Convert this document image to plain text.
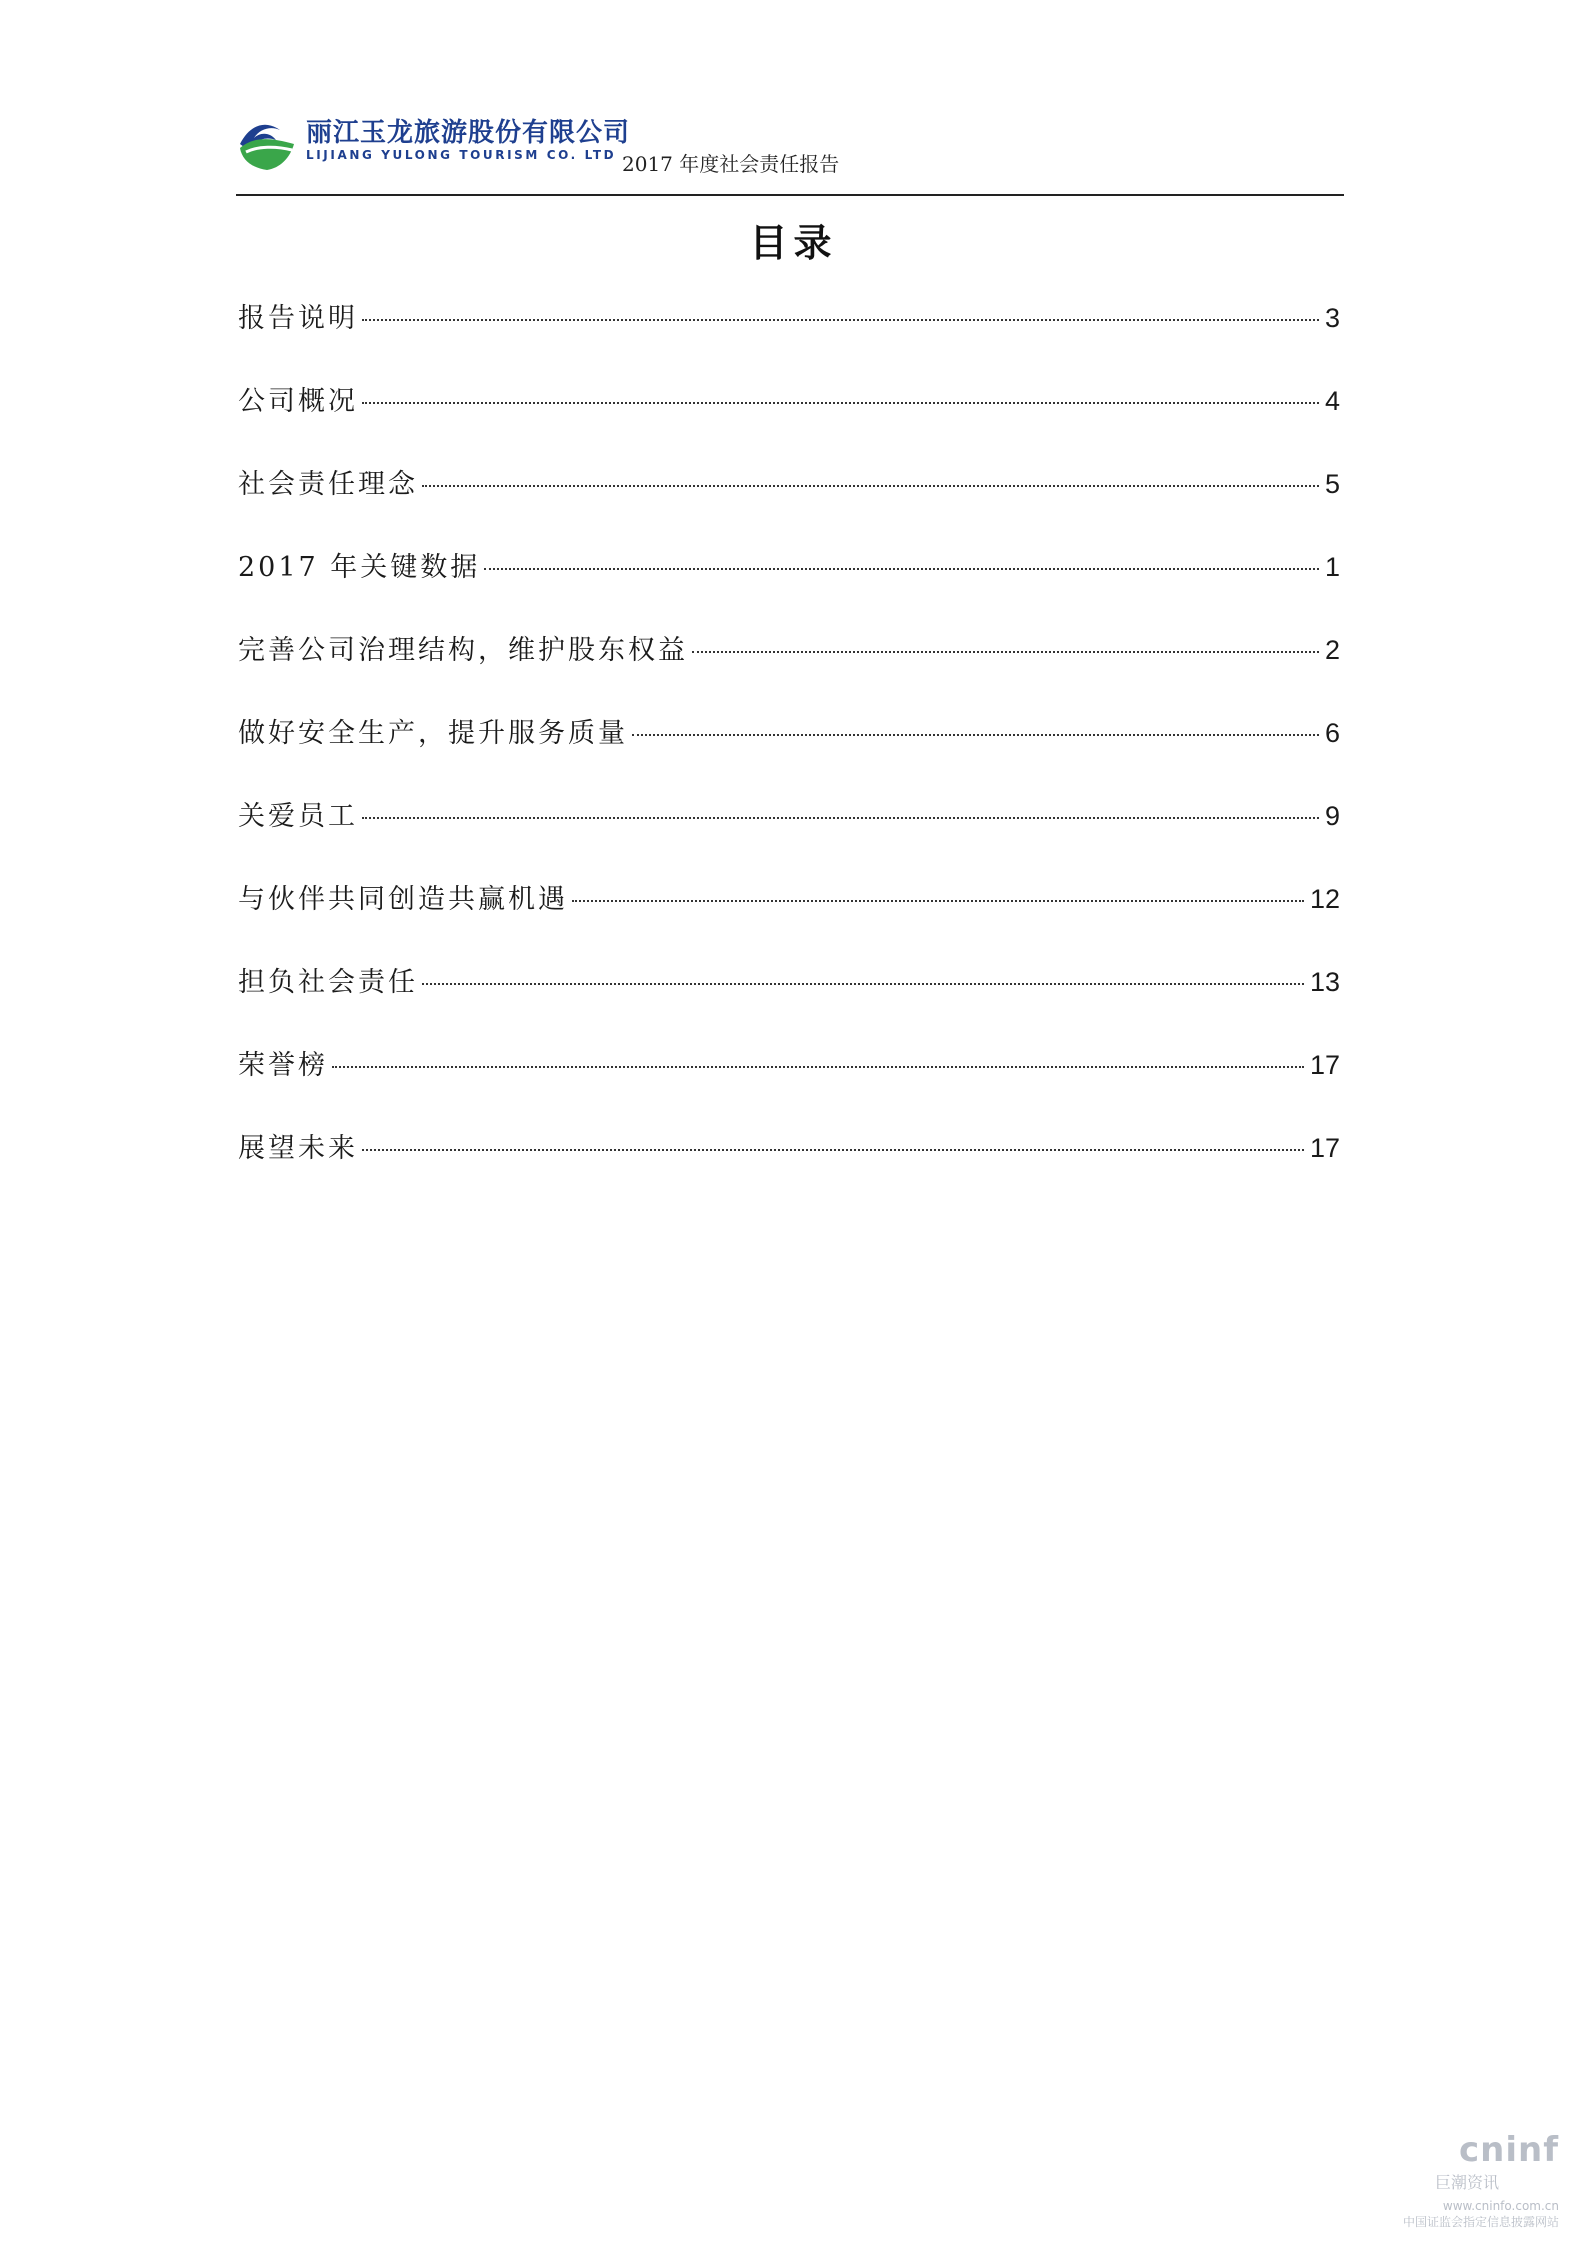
丽江玉龙旅游股份有限公司
LIJIANG YULONG TOURISM CO. LTD 2017 年度社会责任报告
目录
报告说明	3
公司概况	4
社会责任理念	5
2017 年关键数据	1
完善公司治理结构，维护股东权益	2
做好安全生产，提升服务质量	6
关爱员工	9
与伙伴共同创造共赢机遇	12
担负社会责任	13
荣誉榜	17
展望未来	17
cninf
巨潮资讯
www.cninfo.com.cn
中国证监会指定信息披露网站
